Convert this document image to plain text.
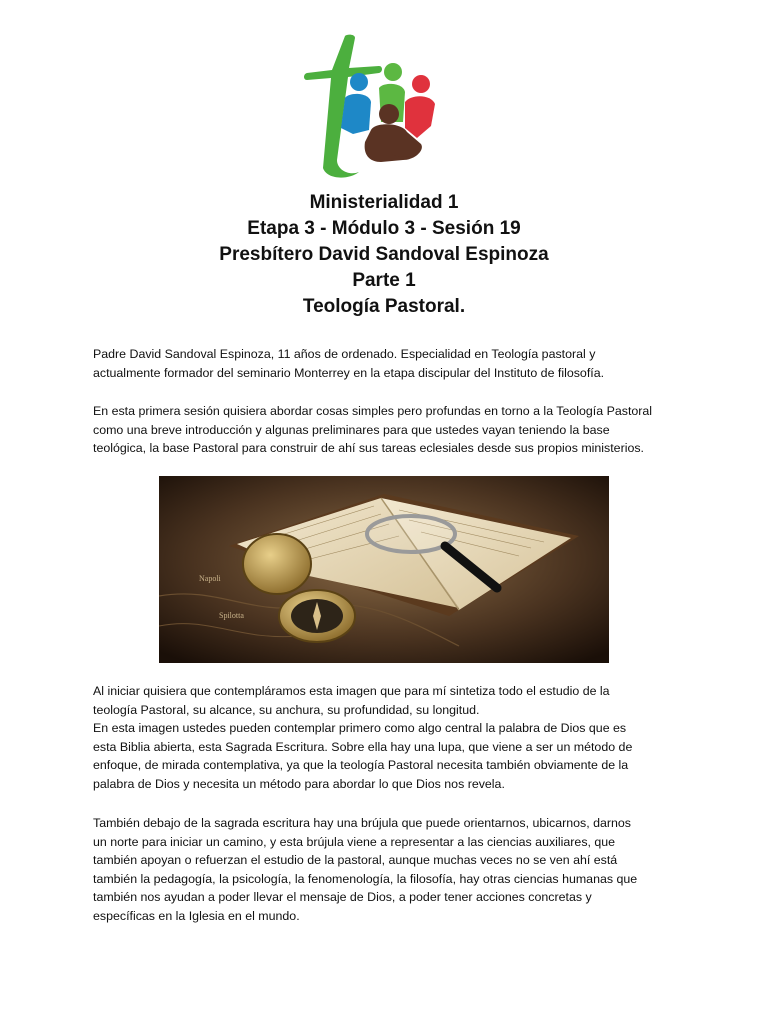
Ministerialidad 1
Etapa 3 - Módulo 3 - Sesión 19
Presbítero David Sandoval Espinoza
Parte 1
Teología Pastoral.
Padre David Sandoval Espinoza, 11 años de ordenado. Especialidad en Teología pastoral y
actualmente formador del seminario Monterrey en la etapa discipular del Instituto de filosofía.
En esta primera sesión quisiera abordar cosas simples pero profundas en torno a la Teología Pastoral
como una breve introducción y algunas preliminares para que ustedes vayan teniendo la base
teológica, la base Pastoral para construir de ahí sus tareas eclesiales desde sus propios ministerios.
Napoli
Spilotta
Al iniciar quisiera que contempláramos esta imagen que para mí sintetiza todo el estudio de la
teología Pastoral, su alcance, su anchura, su profundidad, su longitud.
En esta imagen ustedes pueden contemplar primero como algo central la palabra de Dios que es
esta Biblia abierta, esta Sagrada Escritura. Sobre ella hay una lupa, que viene a ser un método de
enfoque, de mirada contemplativa, ya que la teología Pastoral necesita también obviamente de la
palabra de Dios y necesita un método para abordar lo que Dios nos revela.
También debajo de la sagrada escritura hay una brújula que puede orientarnos, ubicarnos, darnos
un norte para iniciar un camino, y esta brújula viene a representar a las ciencias auxiliares, que
también apoyan o refuerzan el estudio de la pastoral, aunque muchas veces no se ven ahí está
también la pedagogía, la psicología, la fenomenología, la filosofía, hay otras ciencias humanas que
también nos ayudan a poder llevar el mensaje de Dios, a poder tener acciones concretas y
específicas en la Iglesia en el mundo.
